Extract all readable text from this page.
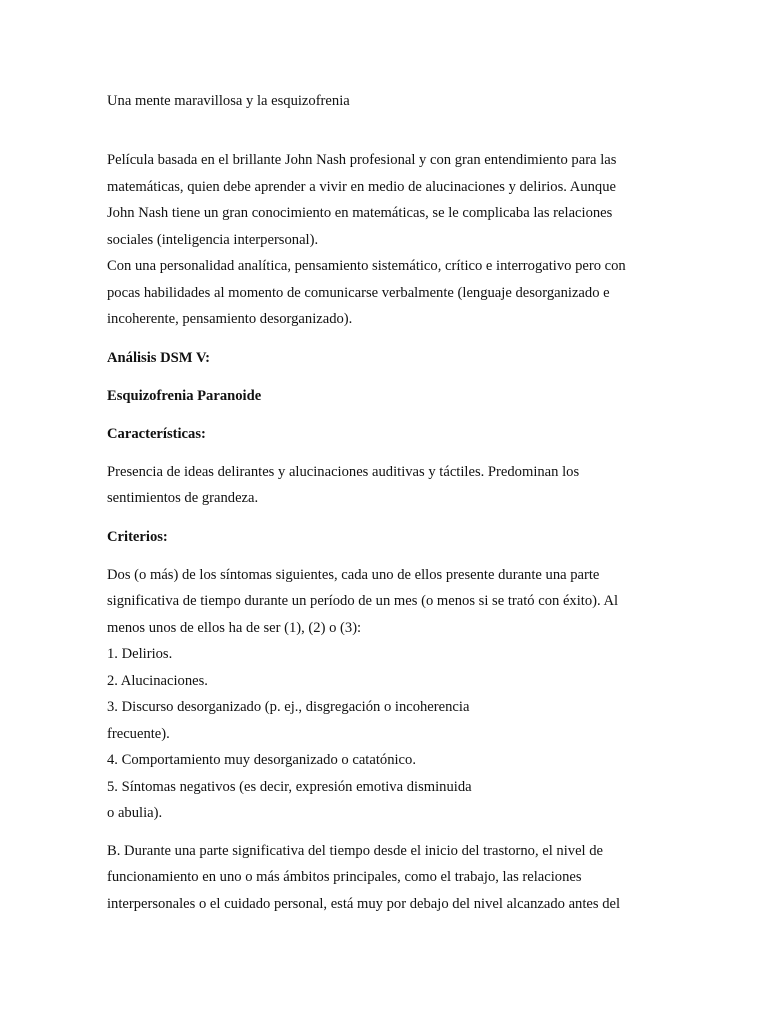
Una mente maravillosa y la esquizofrenia

Película basada en el brillante John Nash profesional y con gran entendimiento para las
matemáticas, quien debe aprender a vivir en medio de alucinaciones y delirios. Aunque
John Nash tiene un gran conocimiento en matemáticas, se le complicaba las relaciones
sociales (inteligencia interpersonal).
Con una personalidad analítica, pensamiento sistemático, crítico e interrogativo pero con
pocas habilidades al momento de comunicarse verbalmente (lenguaje desorganizado e
incoherente, pensamiento desorganizado).

Análisis DSM V:

Esquizofrenia Paranoide

Características:

Presencia de ideas delirantes y alucinaciones auditivas y táctiles. Predominan los
sentimientos de grandeza.

Criterios:

Dos (o más) de los síntomas siguientes, cada uno de ellos presente durante una parte
significativa de tiempo durante un período de un mes (o menos si se trató con éxito). Al
menos unos de ellos ha de ser (1), (2) o (3):
1. Delirios.
2. Alucinaciones.
3. Discurso desorganizado (p. ej., disgregación o incoherencia
frecuente).
4. Comportamiento muy desorganizado o catatónico.
5. Síntomas negativos (es decir, expresión emotiva disminuida
o abulia).

B. Durante una parte significativa del tiempo desde el inicio del trastorno, el nivel de
funcionamiento en uno o más ámbitos principales, como el trabajo, las relaciones
interpersonales o el cuidado personal, está muy por debajo del nivel alcanzado antes del
